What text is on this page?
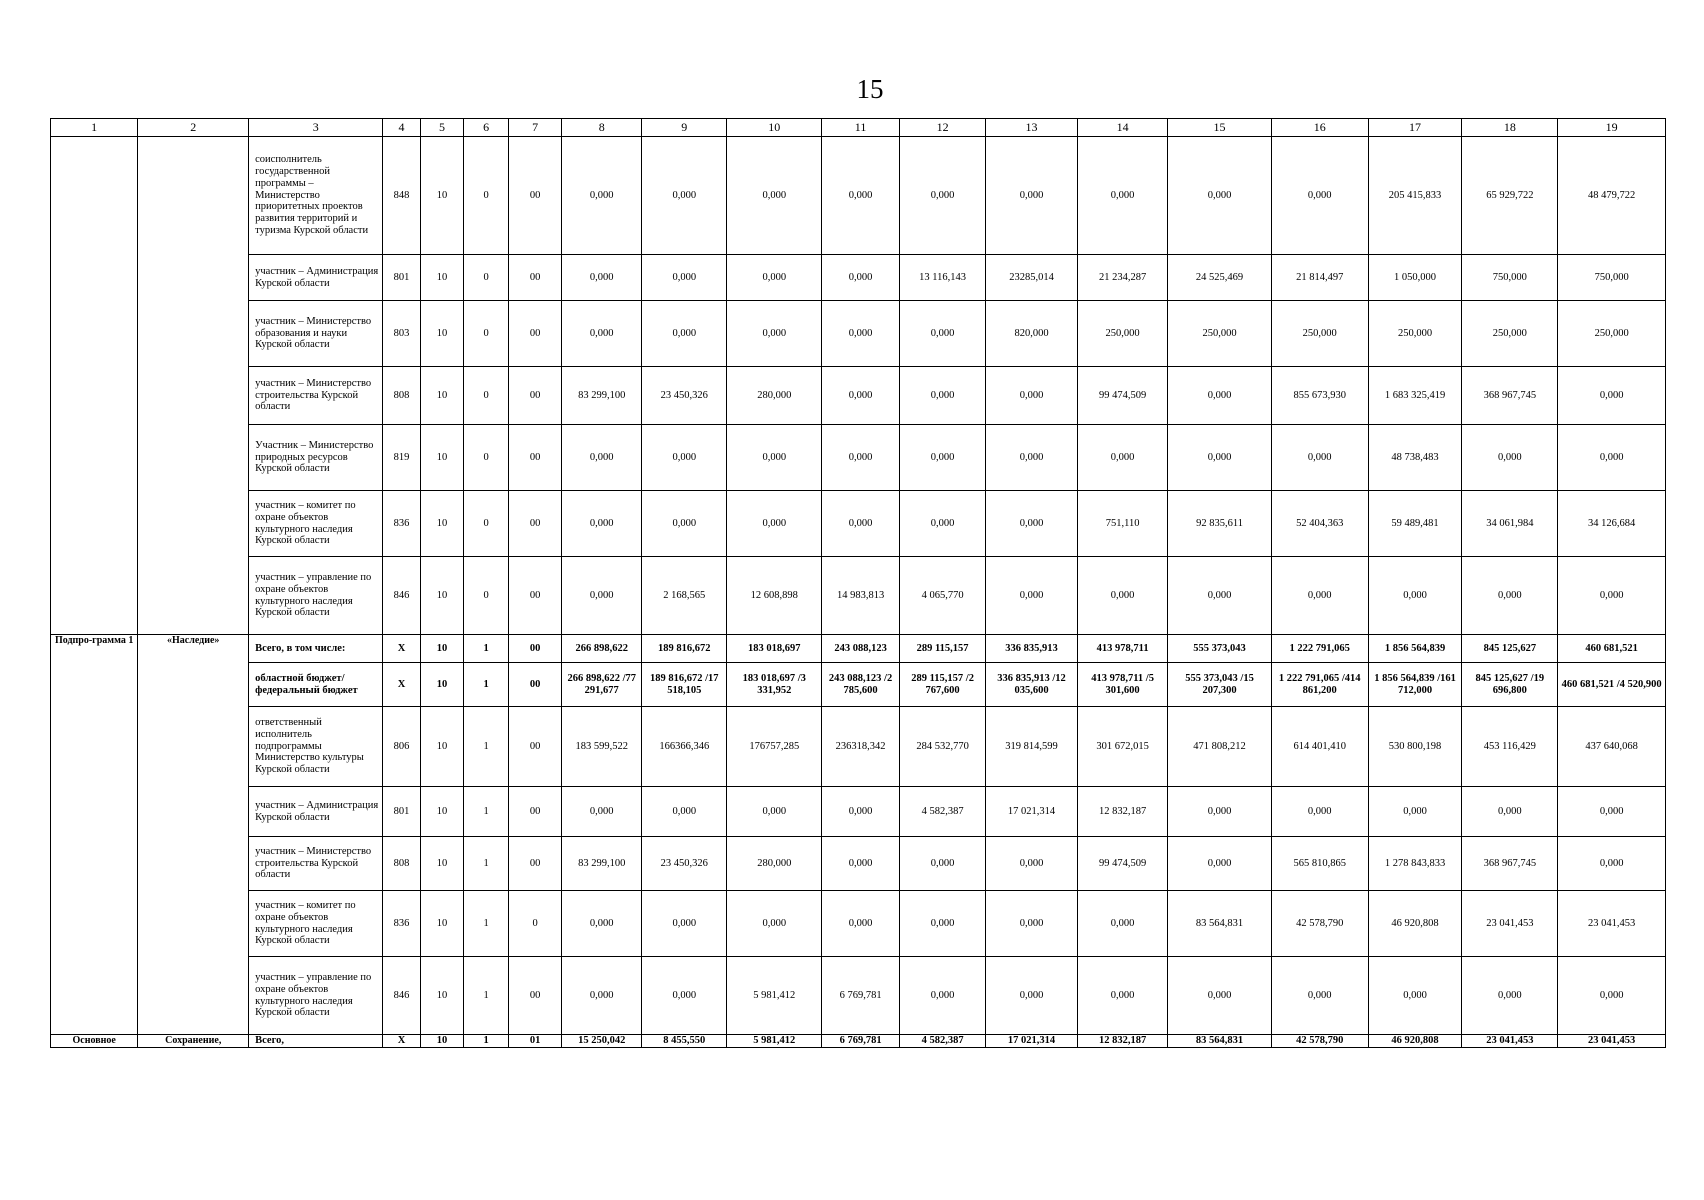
15
1	2	3	4	5	6	7	8	9	10	11	12	13	14	15	16	17	18	19
		соисполнитель государственной программы – Министерство приоритетных проектов развития территорий и туризма Курской области	848	10	0	00	0,000	0,000	0,000	0,000	0,000	0,000	0,000	0,000	0,000	205 415,833	65 929,722	48 479,722
		участник – Администрация Курской области	801	10	0	00	0,000	0,000	0,000	0,000	13 116,143	23285,014	21 234,287	24 525,469	21 814,497	1 050,000	750,000	750,000
		участник – Министерство образования и науки Курской области	803	10	0	00	0,000	0,000	0,000	0,000	0,000	820,000	250,000	250,000	250,000	250,000	250,000	250,000
		участник – Министерство строительства Курской области	808	10	0	00	83 299,100	23 450,326	280,000	0,000	0,000	0,000	99 474,509	0,000	855 673,930	1 683 325,419	368 967,745	0,000
		Участник – Министерство природных ресурсов Курской области	819	10	0	00	0,000	0,000	0,000	0,000	0,000	0,000	0,000	0,000	0,000	48 738,483	0,000	0,000
		участник – комитет по охране объектов культурного наследия Курской области	836	10	0	00	0,000	0,000	0,000	0,000	0,000	0,000	751,110	92 835,611	52 404,363	59 489,481	34 061,984	34 126,684
		участник – управление по охране объектов культурного наследия Курской области	846	10	0	00	0,000	2 168,565	12 608,898	14 983,813	4 065,770	0,000	0,000	0,000	0,000	0,000	0,000	0,000
Подпро-грамма 1	«Наследие»	Всего, в том числе:	X	10	1	00	266 898,622	189 816,672	183 018,697	243 088,123	289 115,157	336 835,913	413 978,711	555 373,043	1 222 791,065	1 856 564,839	845 125,627	460 681,521
		областной бюджет/ федеральный бюджет	X	10	1	00	266 898,622 /77 291,677	189 816,672 /17 518,105	183 018,697 /3 331,952	243 088,123 /2 785,600	289 115,157 /2 767,600	336 835,913 /12 035,600	413 978,711 /5 301,600	555 373,043 /15 207,300	1 222 791,065 /414 861,200	1 856 564,839 /161 712,000	845 125,627 /19 696,800	460 681,521 /4 520,900
		ответственный исполнитель подпрограммы Министерство культуры Курской области	806	10	1	00	183 599,522	166366,346	176757,285	236318,342	284 532,770	319 814,599	301 672,015	471 808,212	614 401,410	530 800,198	453 116,429	437 640,068
		участник – Администрация Курской области	801	10	1	00	0,000	0,000	0,000	0,000	4 582,387	17 021,314	12 832,187	0,000	0,000	0,000	0,000	0,000
		участник – Министерство строительства Курской области	808	10	1	00	83 299,100	23 450,326	280,000	0,000	0,000	0,000	99 474,509	0,000	565 810,865	1 278 843,833	368 967,745	0,000
		участник – комитет по охране объектов культурного наследия Курской области	836	10	1	0	0,000	0,000	0,000	0,000	0,000	0,000	0,000	83 564,831	42 578,790	46 920,808	23 041,453	23 041,453
		участник – управление по охране объектов культурного наследия Курской области	846	10	1	00	0,000	0,000	5 981,412	6 769,781	0,000	0,000	0,000	0,000	0,000	0,000	0,000	0,000
Основное	Сохранение,	Всего,	X	10	1	01	15 250,042	8 455,550	5 981,412	6 769,781	4 582,387	17 021,314	12 832,187	83 564,831	42 578,790	46 920,808	23 041,453	23 041,453
